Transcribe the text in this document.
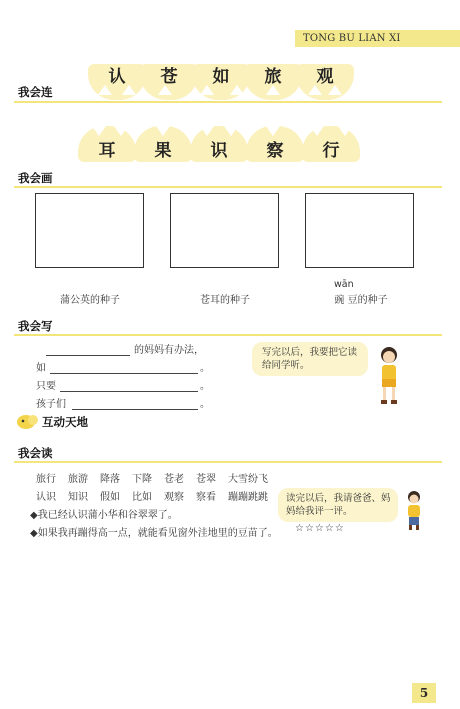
TONG BU LIAN XI
我会连
认	苍	如	旅	观
耳	果	识	察	行
我会画
蒲公英的种子	苍耳的种子
wān
豌 豆的种子
我会写
的妈妈有办法，
如	。
只要	。
孩子们	。
写完以后，我要把它读给同学听。
互动天地
我会读
旅行 旅游 降落 下降 苍老 苍翠 大雪纷飞
认识 知识 假如 比如 观察 察看 蹦蹦跳跳
◆我已经认识蒲小华和谷翠翠了。
◆如果我再蹦得高一点，就能看见窗外洼地里的豆苗了。 ☆☆☆☆☆
读完以后，我请爸爸、妈妈给我评一评。
5
